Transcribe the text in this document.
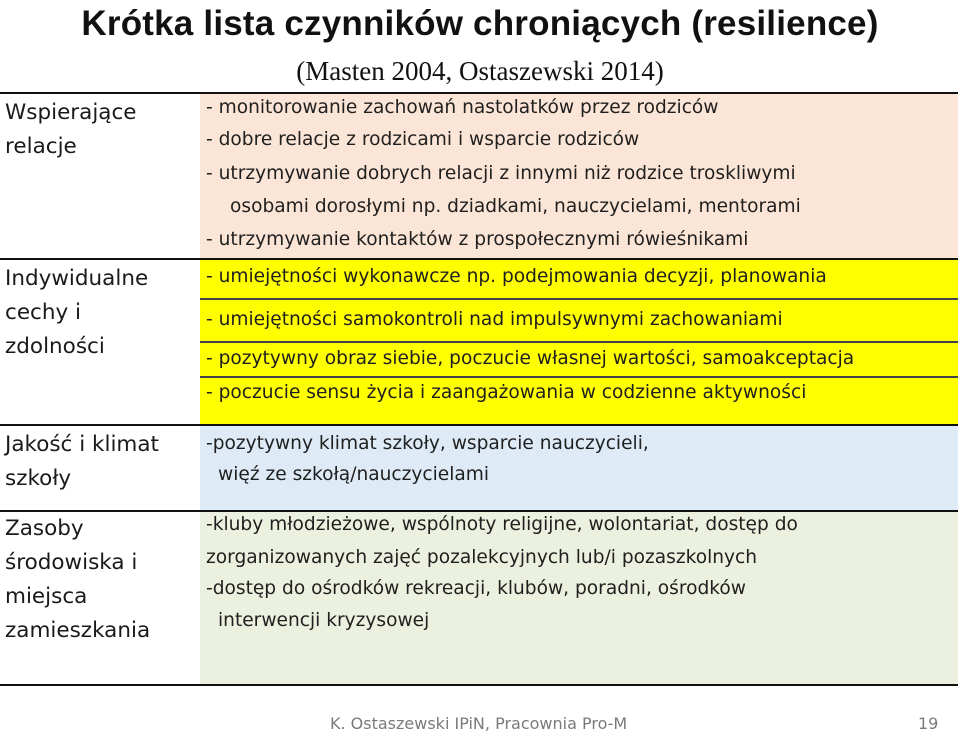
Krótka lista czynników chroniących (resilience)
(Masten 2004, Ostaszewski 2014)
Wspierające
relacje
- monitorowanie zachowań nastolatków przez rodziców
- dobre relacje z rodzicami i wsparcie rodziców
- utrzymywanie dobrych relacji z innymi niż rodzice troskliwymi
osobami dorosłymi np. dziadkami, nauczycielami, mentorami
- utrzymywanie kontaktów z prospołecznymi rówieśnikami
Indywidualne
cechy i
zdolności
- umiejętności wykonawcze np. podejmowania decyzji, planowania
- umiejętności samokontroli nad impulsywnymi zachowaniami
- pozytywny obraz siebie, poczucie własnej wartości, samoakceptacja
- poczucie sensu życia i zaangażowania w codzienne aktywności
Jakość i klimat
szkoły
-pozytywny klimat szkoły, wsparcie nauczycieli,
więź ze szkołą/nauczycielami
Zasoby
środowiska i
miejsca
zamieszkania
-kluby młodzieżowe, wspólnoty religijne, wolontariat, dostęp do
zorganizowanych zajęć pozalekcyjnych lub/i pozaszkolnych
-dostęp do ośrodków rekreacji, klubów, poradni, ośrodków
interwencji kryzysowej
K. Ostaszewski IPiN, Pracownia Pro-M	19
